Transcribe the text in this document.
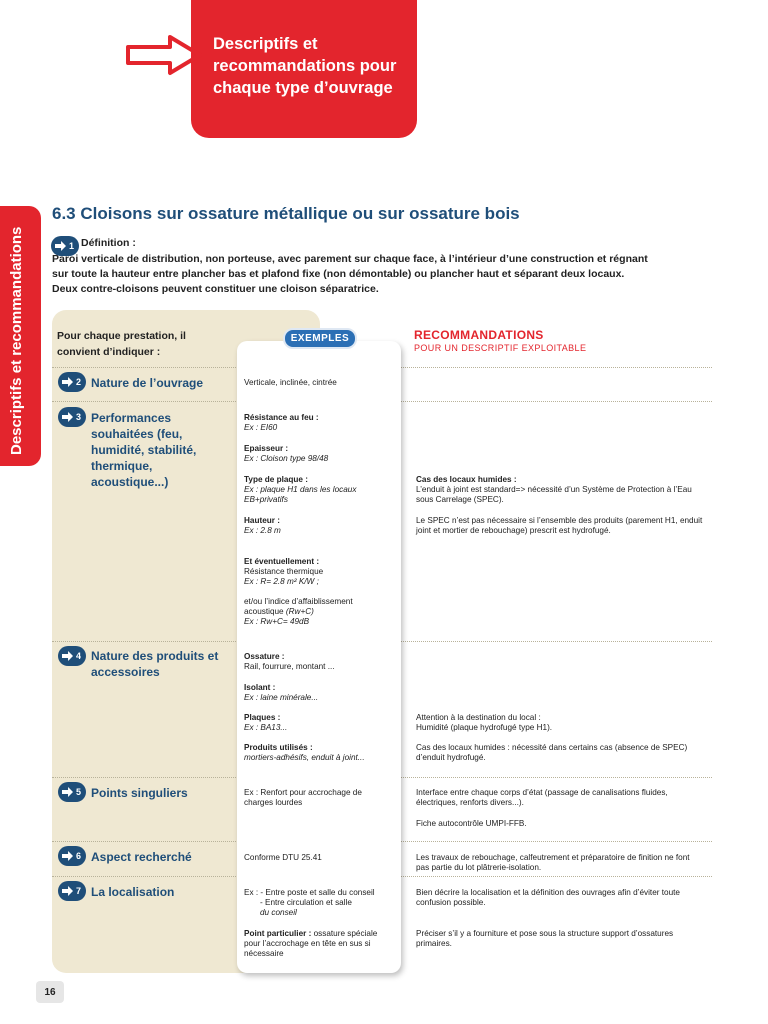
Descriptifs et recommandations pour chaque type d’ouvrage
Descriptifs et recommandations
6.3 Cloisons sur ossature métallique ou sur ossature bois
1 Définition :
Paroi verticale de distribution, non porteuse, avec parement sur chaque face, à l’intérieur d’une construction et régnant
sur toute la hauteur entre plancher bas et plafond fixe (non démontable) ou plancher haut et séparant deux locaux.
Deux contre-cloisons peuvent constituer une cloison séparatrice.
Pour chaque prestation, il convient d’indiquer :
EXEMPLES	RECOMMANDATIONS
POUR UN DESCRIPTIF EXPLOITABLE
2 Nature de l’ouvrage
3 Performances souhaitées (feu, humidité, stabilité, thermique, acoustique...)
4 Nature des produits et accessoires
5 Points singuliers
6 Aspect recherché
7 La localisation
Verticale, inclinée, cintrée
Résistance au feu :
Ex : EI60
Epaisseur :
Ex : Cloison type 98/48
Type de plaque :
Ex : plaque H1 dans les locaux
EB+privatifs
Hauteur :
Ex : 2.8 m
Et éventuellement :
Résistance thermique
Ex : R= 2.8 m² K/W ;
et/ou l’indice d’affaiblissement
acoustique (Rw+C)
Ex : Rw+C= 49dB
Ossature :
Rail, fourrure, montant ...
Isolant :
Ex : laine minérale...
Plaques :
Ex : BA13...
Produits utilisés :
mortiers-adhésifs, enduit à joint...
Ex : Renfort pour accrochage de
charges lourdes
Conforme DTU 25.41
Ex : - Entre poste et salle du conseil
- Entre circulation et salle
du conseil
Point particulier : ossature spéciale
pour l’accrochage en tête en sus si
nécessaire
Cas des locaux humides :
L’enduit à joint est standard=> nécessité d’un Système de Protection à l’Eau
sous Carrelage (SPEC).
Le SPEC n’est pas nécessaire si l’ensemble des produits (parement H1, enduit
joint et mortier de rebouchage) prescrit est hydrofugé.
Attention à la destination du local :
Humidité (plaque hydrofugé type H1).
Cas des locaux humides : nécessité dans certains cas (absence de SPEC)
d’enduit hydrofugé.
Interface entre chaque corps d’état (passage de canalisations fluides,
électriques, renforts divers...).
Fiche autocontrôle UMPI-FFB.
Les travaux de rebouchage, calfeutrement et préparatoire de finition ne font
pas partie du lot plâtrerie-isolation.
Bien décrire la localisation et la définition des ouvrages afin d’éviter toute
confusion possible.
Préciser s’il y a fourniture et pose sous la structure support d’ossatures
primaires.
16
